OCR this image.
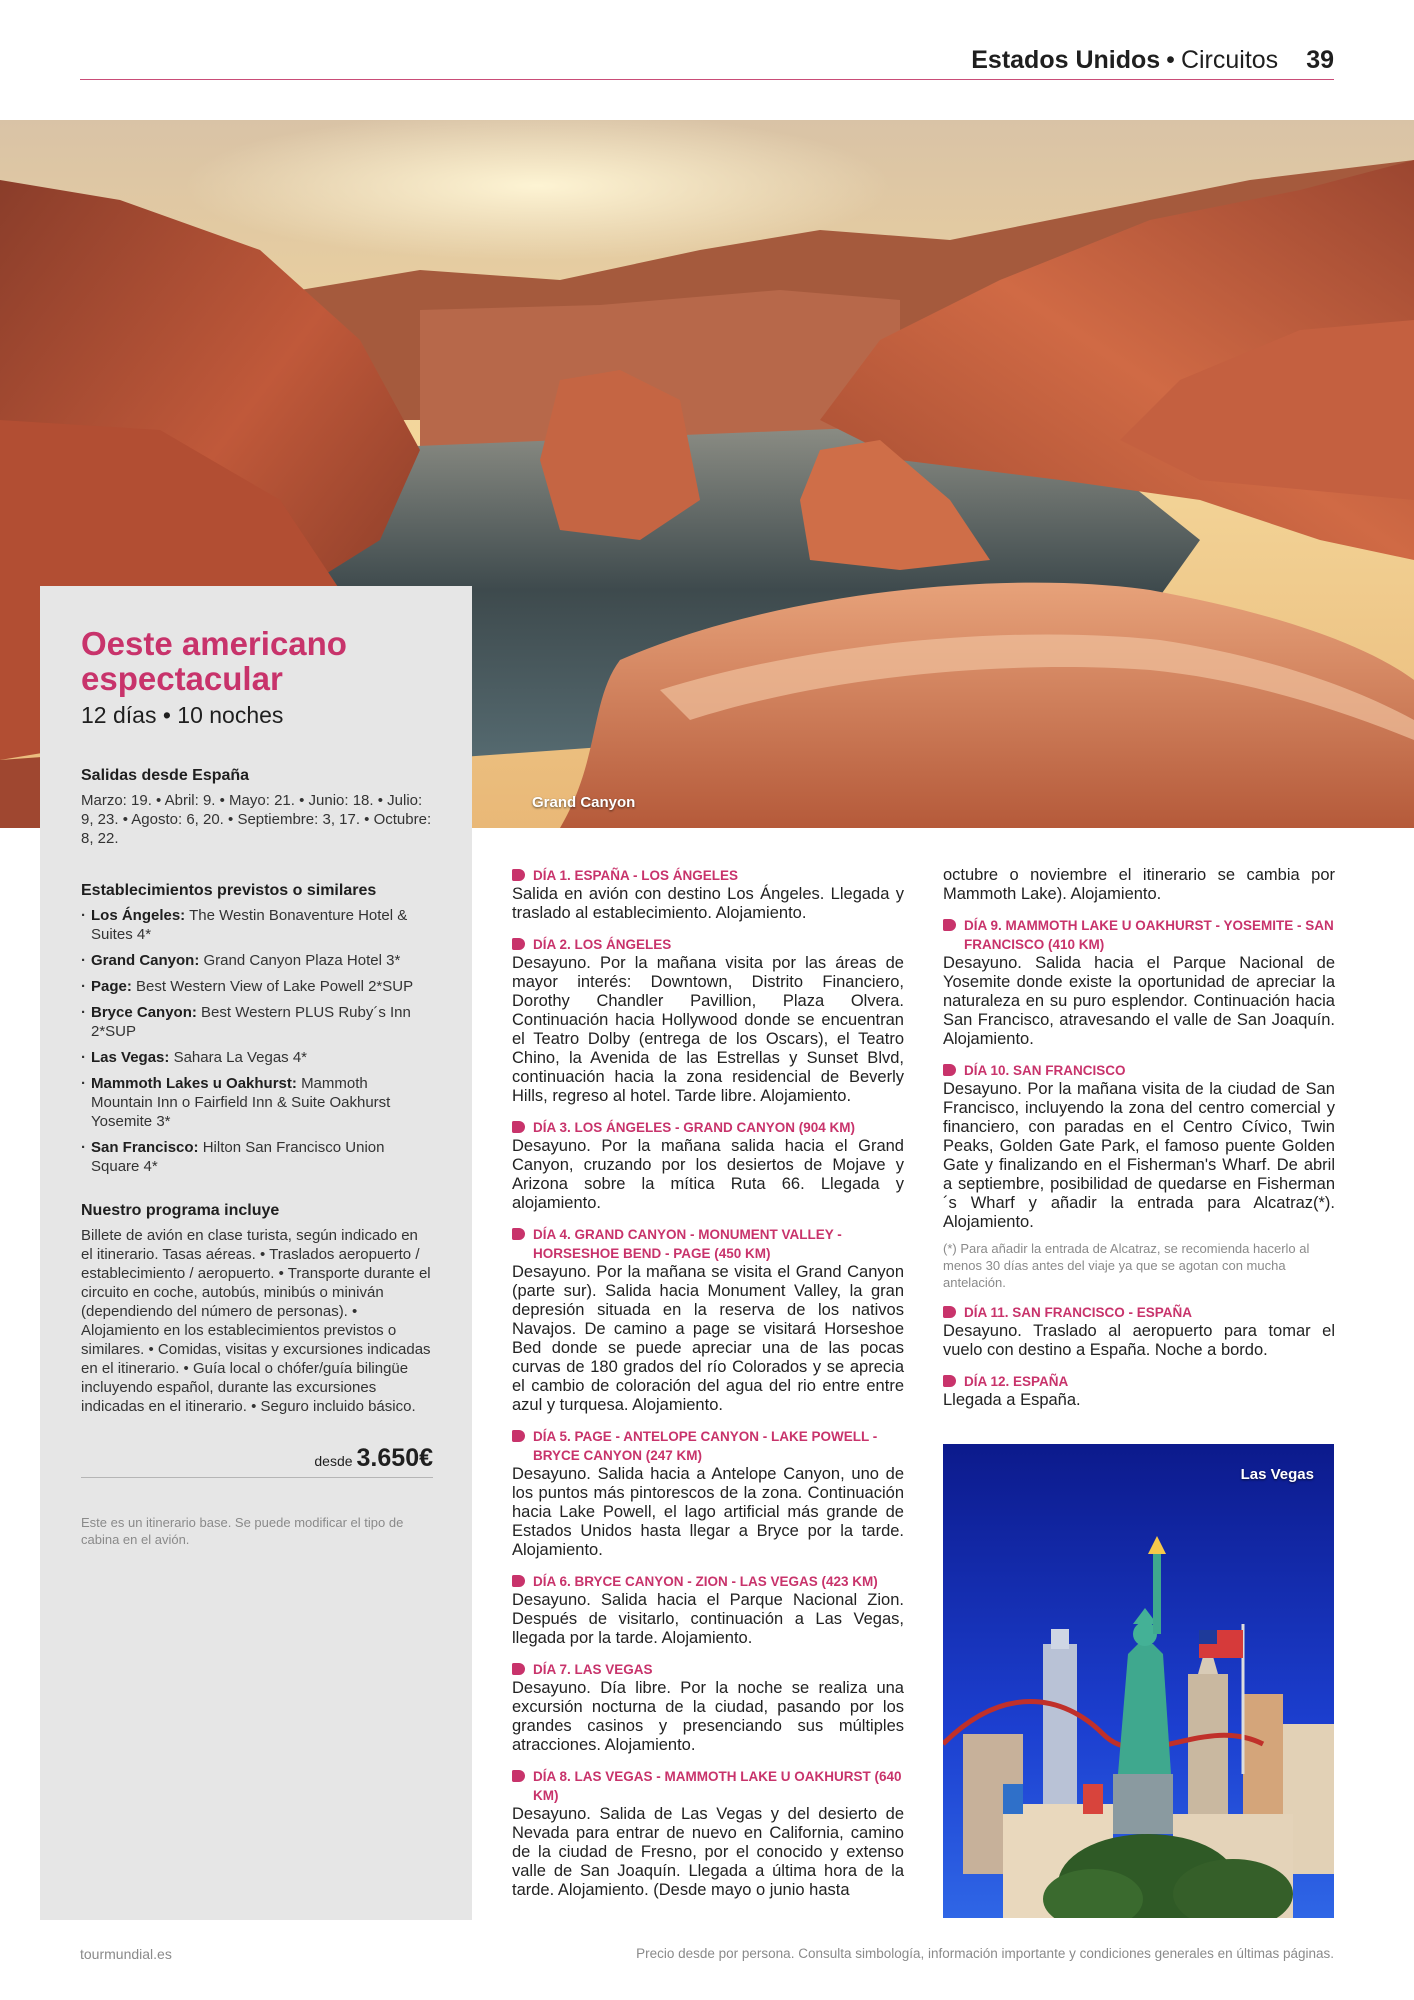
Estados Unidos • Circuitos 39
Grand Canyon
Oeste americano
espectacular
12 días • 10 noches
Salidas desde España
Marzo: 19. • Abril: 9. • Mayo: 21. • Junio: 18. • Julio: 9, 23. • Agosto: 6, 20. • Septiembre: 3, 17. • Octubre: 8, 22.
Establecimientos previstos o similares
· Los Ángeles: The Westin Bonaventure Hotel & Suites 4*
· Grand Canyon: Grand Canyon Plaza Hotel 3*
· Page: Best Western View of Lake Powell 2*SUP
· Bryce Canyon: Best Western PLUS Ruby´s Inn 2*SUP
· Las Vegas: Sahara La Vegas 4*
· Mammoth Lakes u Oakhurst: Mammoth Mountain Inn o Fairfield Inn & Suite Oakhurst Yosemite 3*
· San Francisco: Hilton San Francisco Union Square 4*
Nuestro programa incluye
Billete de avión en clase turista, según indicado en el itinerario. Tasas aéreas. • Traslados aeropuerto / establecimiento / aeropuerto. • Transporte durante el circuito en coche, autobús, minibús o miniván (dependiendo del número de personas). • Alojamiento en los establecimientos previstos o similares. • Comidas, visitas y excursiones indicadas en el itinerario. • Guía local o chófer/guía bilingüe incluyendo español, durante las excursiones indicadas en el itinerario. • Seguro incluido básico.
desde 3.650€
Este es un itinerario base. Se puede modificar el tipo de cabina en el avión.
DÍA 1. ESPAÑA - LOS ÁNGELES
Salida en avión con destino Los Ángeles. Llegada y traslado al establecimiento. Alojamiento.
DÍA 2. LOS ÁNGELES
Desayuno. Por la mañana visita por las áreas de mayor interés: Downtown, Distrito Financiero, Dorothy Chandler Pavillion, Plaza Olvera. Continuación hacia Hollywood donde se encuentran el Teatro Dolby (entrega de los Oscars), el Teatro Chino, la Avenida de las Estrellas y Sunset Blvd, continuación hacia la zona residencial de Beverly Hills, regreso al hotel. Tarde libre. Alojamiento.
DÍA 3. LOS ÁNGELES - GRAND CANYON (904 KM)
Desayuno. Por la mañana salida hacia el Grand Canyon, cruzando por los desiertos de Mojave y Arizona sobre la mítica Ruta 66. Llegada y alojamiento.
DÍA 4. GRAND CANYON - MONUMENT VALLEY - HORSESHOE BEND - PAGE (450 KM)
Desayuno. Por la mañana se visita el Grand Canyon (parte sur). Salida hacia Monument Valley, la gran depresión situada en la reserva de los nativos Navajos. De camino a page se visitará Horseshoe Bed donde se puede apreciar una de las pocas curvas de 180 grados del río Colorados y se aprecia el cambio de coloración del agua del rio entre entre azul y turquesa. Alojamiento.
DÍA 5. PAGE - ANTELOPE CANYON - LAKE POWELL - BRYCE CANYON (247 KM)
Desayuno. Salida hacia a Antelope Canyon, uno de los puntos más pintorescos de la zona. Continuación hacia Lake Powell, el lago artificial más grande de Estados Unidos hasta llegar a Bryce por la tarde. Alojamiento.
DÍA 6. BRYCE CANYON - ZION - LAS VEGAS (423 KM)
Desayuno. Salida hacia el Parque Nacional Zion. Después de visitarlo, continuación a Las Vegas, llegada por la tarde. Alojamiento.
DÍA 7. LAS VEGAS
Desayuno. Día libre. Por la noche se realiza una excursión nocturna de la ciudad, pasando por los grandes casinos y presenciando sus múltiples atracciones. Alojamiento.
DÍA 8. LAS VEGAS - MAMMOTH LAKE U OAKHURST (640 KM)
Desayuno. Salida de Las Vegas y del desierto de Nevada para entrar de nuevo en California, camino de la ciudad de Fresno, por el conocido y extenso valle de San Joaquín. Llegada a última hora de la tarde. Alojamiento. (Desde mayo o junio hasta
octubre o noviembre el itinerario se cambia por Mammoth Lake). Alojamiento.
DÍA 9. MAMMOTH LAKE U OAKHURST - YOSEMITE - SAN FRANCISCO (410 KM)
Desayuno. Salida hacia el Parque Nacional de Yosemite donde existe la oportunidad de apreciar la naturaleza en su puro esplendor. Continuación hacia San Francisco, atravesando el valle de San Joaquín. Alojamiento.
DÍA 10. SAN FRANCISCO
Desayuno. Por la mañana visita de la ciudad de San Francisco, incluyendo la zona del centro comercial y financiero, con paradas en el Centro Cívico, Twin Peaks, Golden Gate Park, el famoso puente Golden Gate y finalizando en el Fisherman's Wharf. De abril a septiembre, posibilidad de quedarse en Fisherman´s Wharf y añadir la entrada para Alcatraz(*). Alojamiento.
(*) Para añadir la entrada de Alcatraz, se recomienda hacerlo al menos 30 días antes del viaje ya que se agotan con mucha antelación.
DÍA 11. SAN FRANCISCO - ESPAÑA
Desayuno. Traslado al aeropuerto para tomar el vuelo con destino a España. Noche a bordo.
DÍA 12. ESPAÑA
Llegada a España.
Las Vegas
tourmundial.es	Precio desde por persona. Consulta simbología, información importante y condiciones generales en últimas páginas.
